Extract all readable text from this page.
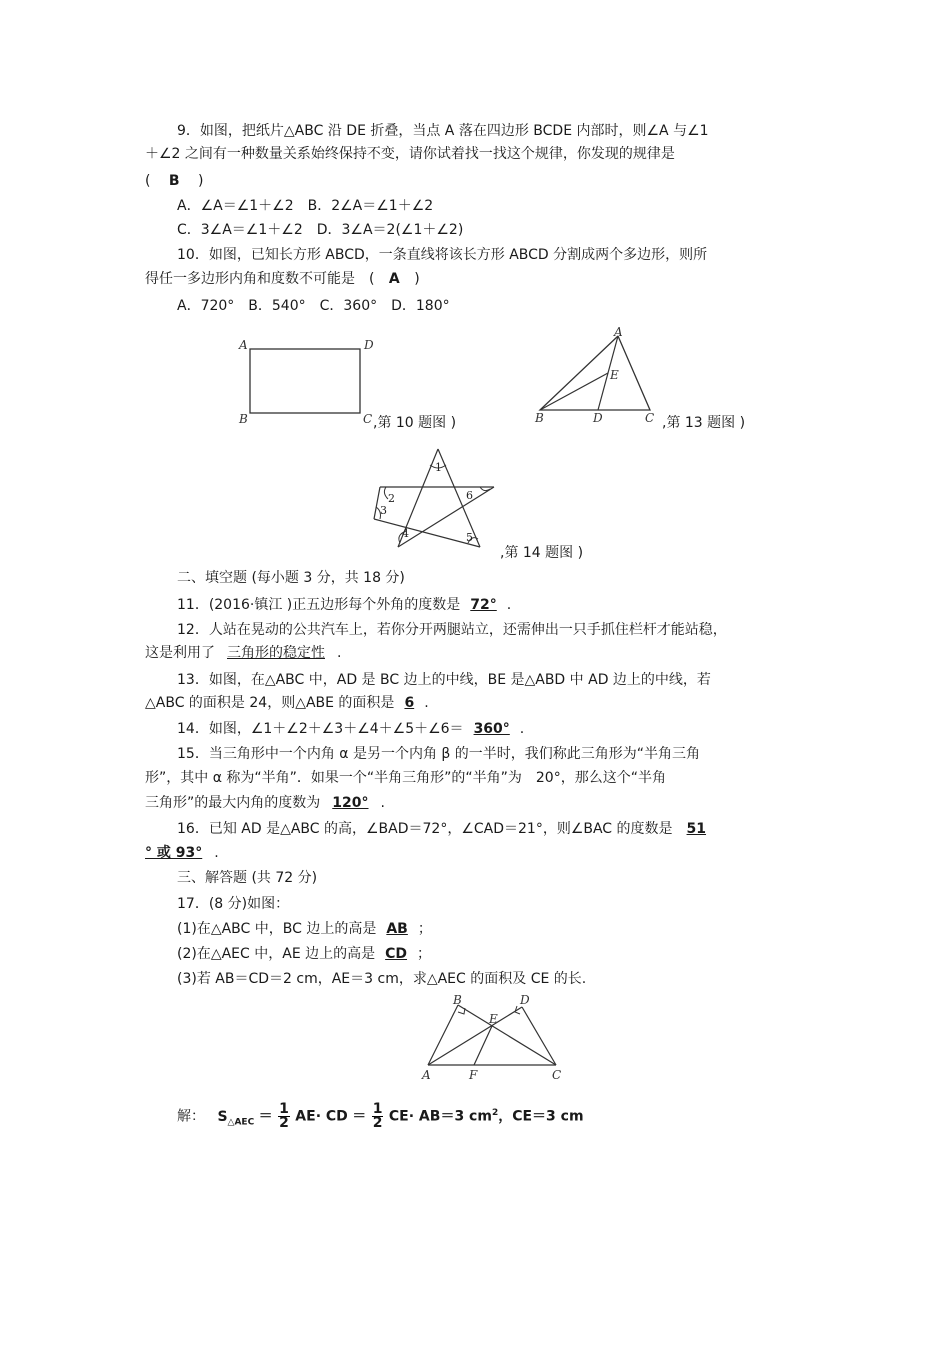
9．如图，把纸片△ABC 沿 DE 折叠，当点 A 落在四边形 BCDE 内部时，则∠A 与∠1
＋∠2 之间有一种数量关系始终保持不变，请你试着找一找这个规律，你发现的规律是
( B )
A．∠A＝∠1＋∠2　B．2∠A＝∠1＋∠2
C．3∠A＝∠1＋∠2　D．3∠A＝2(∠1＋∠2)
10．如图，已知长方形 ABCD，一条直线将该长方形 ABCD 分割成两个多边形，则所
得任一多边形内角和度数不可能是　( A )
A．720°　B．540°　C．360°　D．180°
A	D
B	C ,第 10 题图 )
A
E
B	D	C ,第 13 题图 )
1
2
3
4	5
6
,第 14 题图 )
二、填空题 (每小题 3 分，共 18 分)
11．(2016·镇江 )正五边形每个外角的度数是 72° .
12．人站在晃动的公共汽车上，若你分开两腿站立，还需伸出一只手抓住栏杆才能站稳，
这是利用了 三角形的稳定性 .
13．如图，在△ABC 中，AD 是 BC 边上的中线，BE 是△ABD 中 AD 边上的中线，若
△ABC 的面积是 24，则△ABE 的面积是 6 .
14．如图，∠1＋∠2＋∠3＋∠4＋∠5＋∠6＝ 360° .
15．当三角形中一个内角 α 是另一个内角 β 的一半时，我们称此三角形为“半角三角
形”，其中 α 称为“半角”．如果一个“半角三角形”的“半角”为　20°，那么这个“半角
三角形”的最大内角的度数为 120° .
16．已知 AD 是△ABC 的高，∠BAD＝72°，∠CAD＝21°，则∠BAC 的度数是 51
° 或 93° .
三、解答题 (共 72 分)
17．(8 分)如图：
(1)在△ABC 中，BC 边上的高是 AB ；
(2)在△AEC 中，AE 边上的高是 CD ；
(3)若 AB＝CD＝2 cm，AE＝3 cm，求△AEC 的面积及 CE 的长.
B	D
E
A	F	C
解： $S_{\triangle AEC} = \frac{1}{2} AE\cdot$ CD ＝ $\frac{1}{2} CE\cdot AB=3$ $cm^2$，CE＝3 cm
